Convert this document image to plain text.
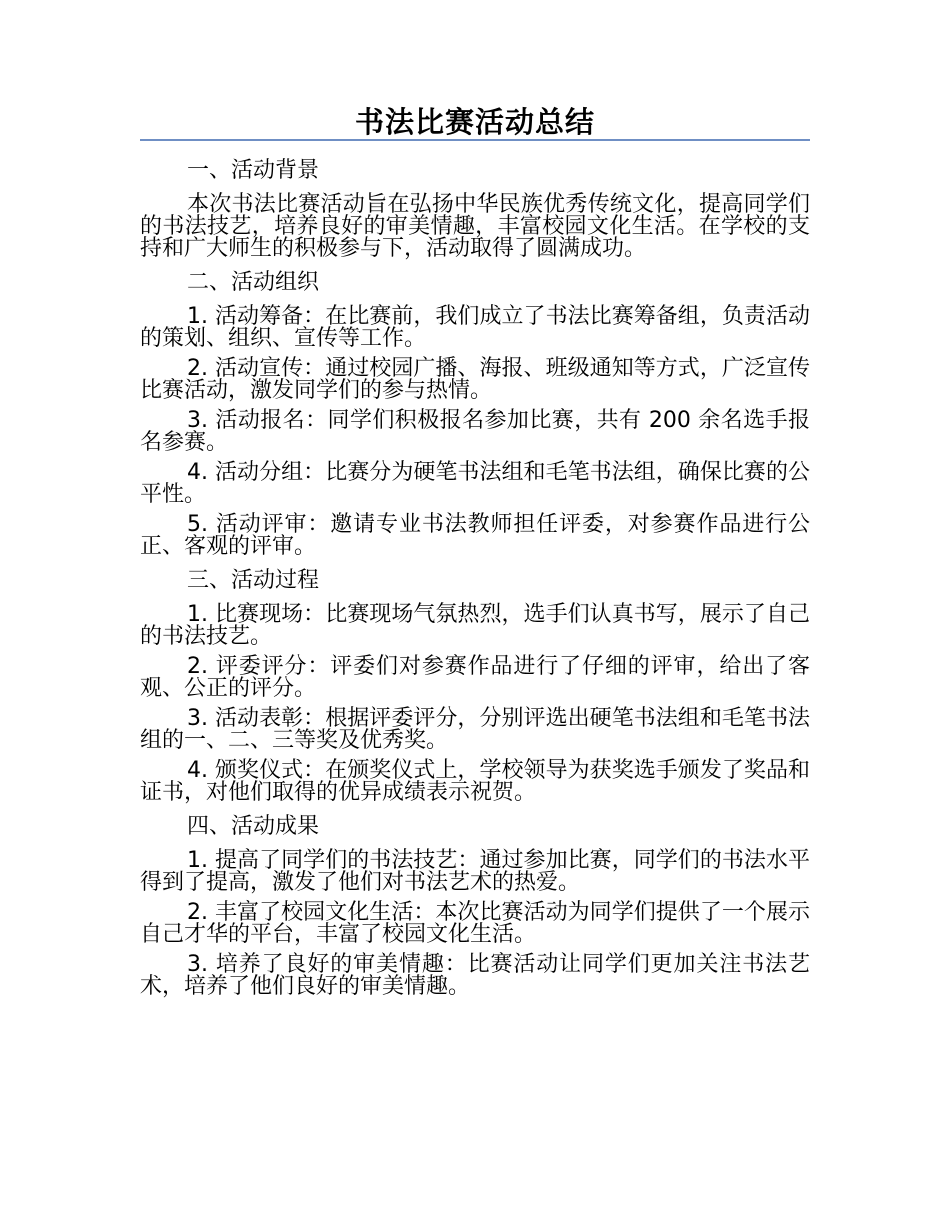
书法比赛活动总结

一、活动背景

本次书法比赛活动旨在弘扬中华民族优秀传统文化，提高同学们的书法技艺，培养良好的审美情趣，丰富校园文化生活。在学校的支持和广大师生的积极参与下，活动取得了圆满成功。

二、活动组织

1. 活动筹备：在比赛前，我们成立了书法比赛筹备组，负责活动的策划、组织、宣传等工作。

2. 活动宣传：通过校园广播、海报、班级通知等方式，广泛宣传比赛活动，激发同学们的参与热情。

3. 活动报名：同学们积极报名参加比赛，共有 200 余名选手报名参赛。

4. 活动分组：比赛分为硬笔书法组和毛笔书法组，确保比赛的公平性。

5. 活动评审：邀请专业书法教师担任评委，对参赛作品进行公正、客观的评审。

三、活动过程

1. 比赛现场：比赛现场气氛热烈，选手们认真书写，展示了自己的书法技艺。

2. 评委评分：评委们对参赛作品进行了仔细的评审，给出了客观、公正的评分。

3. 活动表彰：根据评委评分，分别评选出硬笔书法组和毛笔书法组的一、二、三等奖及优秀奖。

4. 颁奖仪式：在颁奖仪式上，学校领导为获奖选手颁发了奖品和证书，对他们取得的优异成绩表示祝贺。

四、活动成果

1. 提高了同学们的书法技艺：通过参加比赛，同学们的书法水平得到了提高，激发了他们对书法艺术的热爱。

2. 丰富了校园文化生活：本次比赛活动为同学们提供了一个展示自己才华的平台，丰富了校园文化生活。

3. 培养了良好的审美情趣：比赛活动让同学们更加关注书法艺术，培养了他们良好的审美情趣。
